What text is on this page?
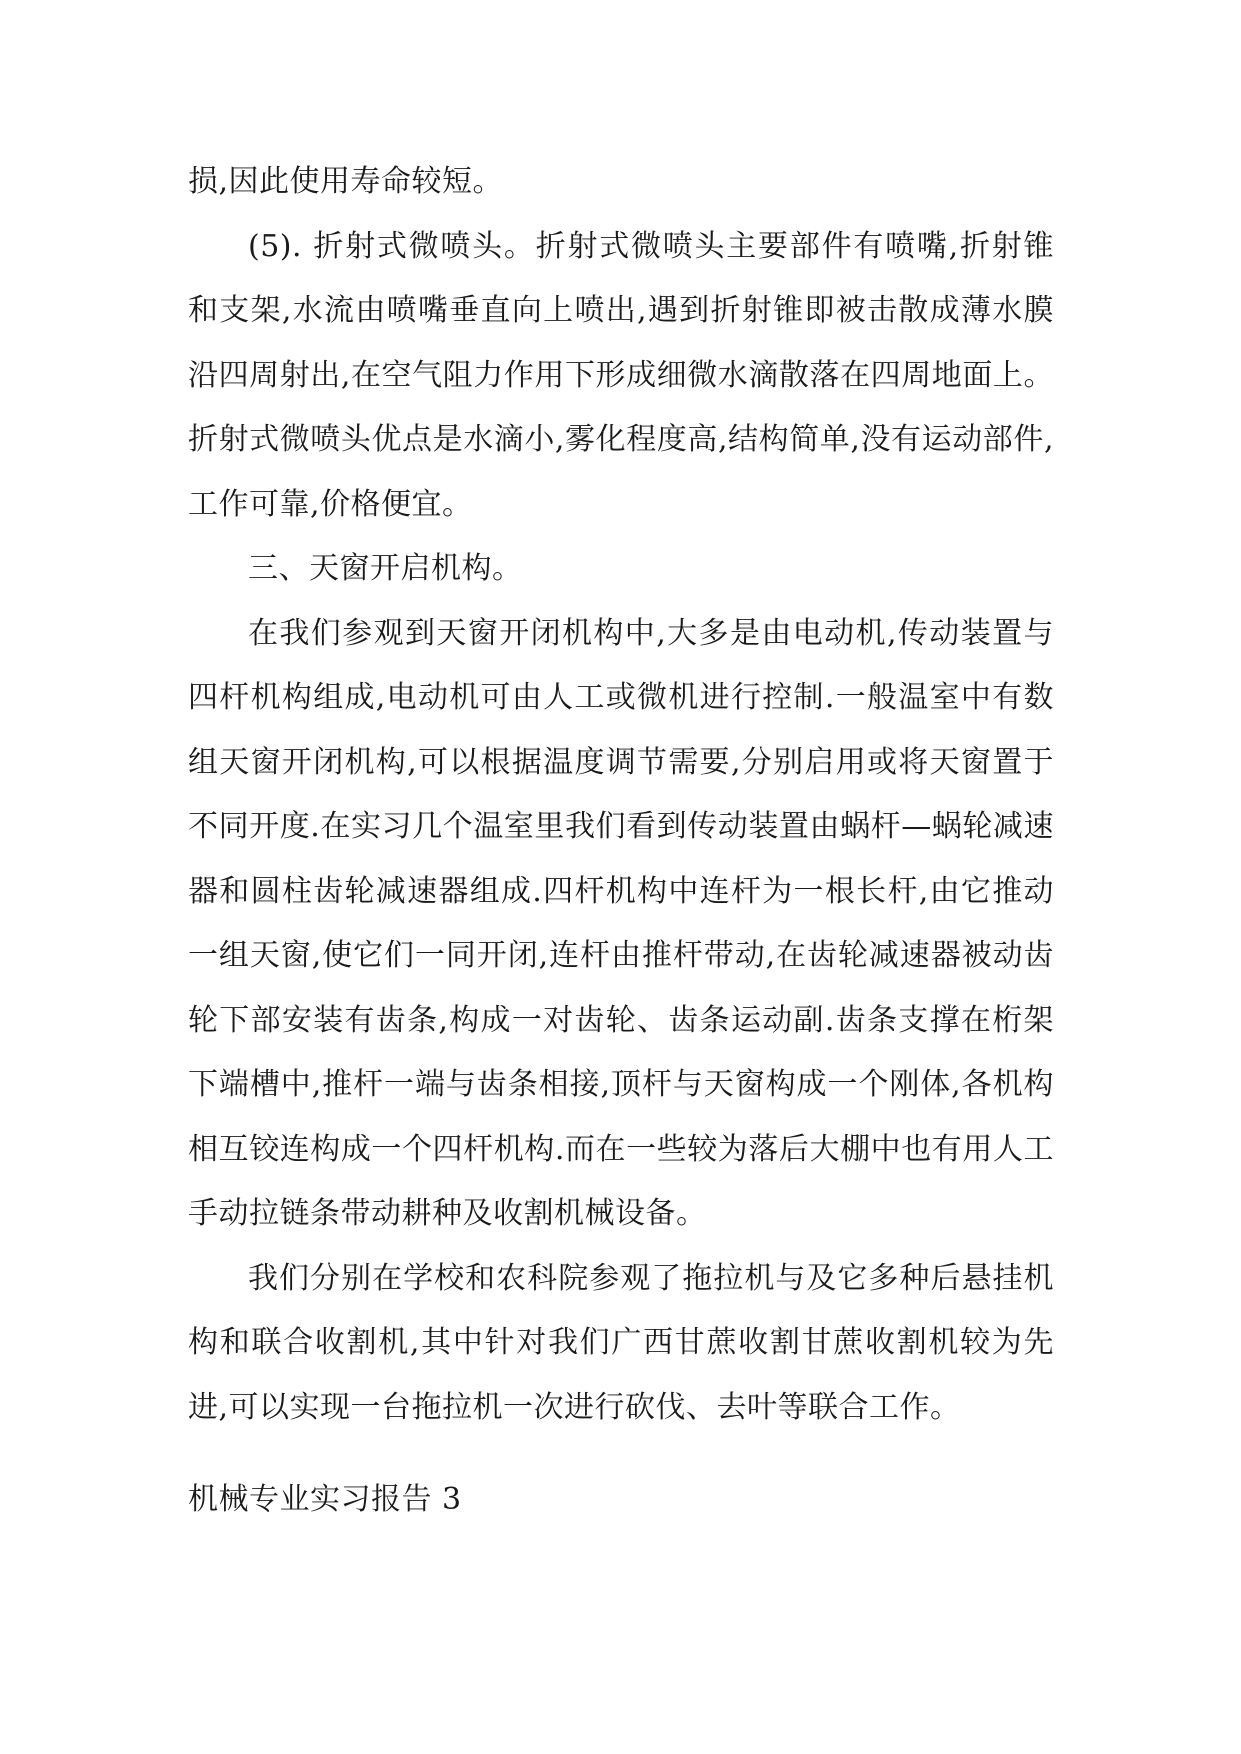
损,因此使用寿命较短。

(5). 折射式微喷头。折射式微喷头主要部件有喷嘴,折射锥和支架,水流由喷嘴垂直向上喷出,遇到折射锥即被击散成薄水膜沿四周射出,在空气阻力作用下形成细微水滴散落在四周地面上。折射式微喷头优点是水滴小,雾化程度高,结构简单,没有运动部件,工作可靠,价格便宜。

三、天窗开启机构。

在我们参观到天窗开闭机构中,大多是由电动机,传动装置与四杆机构组成,电动机可由人工或微机进行控制.一般温室中有数组天窗开闭机构,可以根据温度调节需要,分别启用或将天窗置于不同开度.在实习几个温室里我们看到传动装置由蜗杆—蜗轮减速器和圆柱齿轮减速器组成.四杆机构中连杆为一根长杆,由它推动一组天窗,使它们一同开闭,连杆由推杆带动,在齿轮减速器被动齿轮下部安装有齿条,构成一对齿轮、齿条运动副.齿条支撑在桁架下端槽中,推杆一端与齿条相接,顶杆与天窗构成一个刚体,各机构相互铰连构成一个四杆机构.而在一些较为落后大棚中也有用人工手动拉链条带动耕种及收割机械设备。

我们分别在学校和农科院参观了拖拉机与及它多种后悬挂机构和联合收割机,其中针对我们广西甘蔗收割甘蔗收割机较为先进,可以实现一台拖拉机一次进行砍伐、去叶等联合工作。

机械专业实习报告 3
